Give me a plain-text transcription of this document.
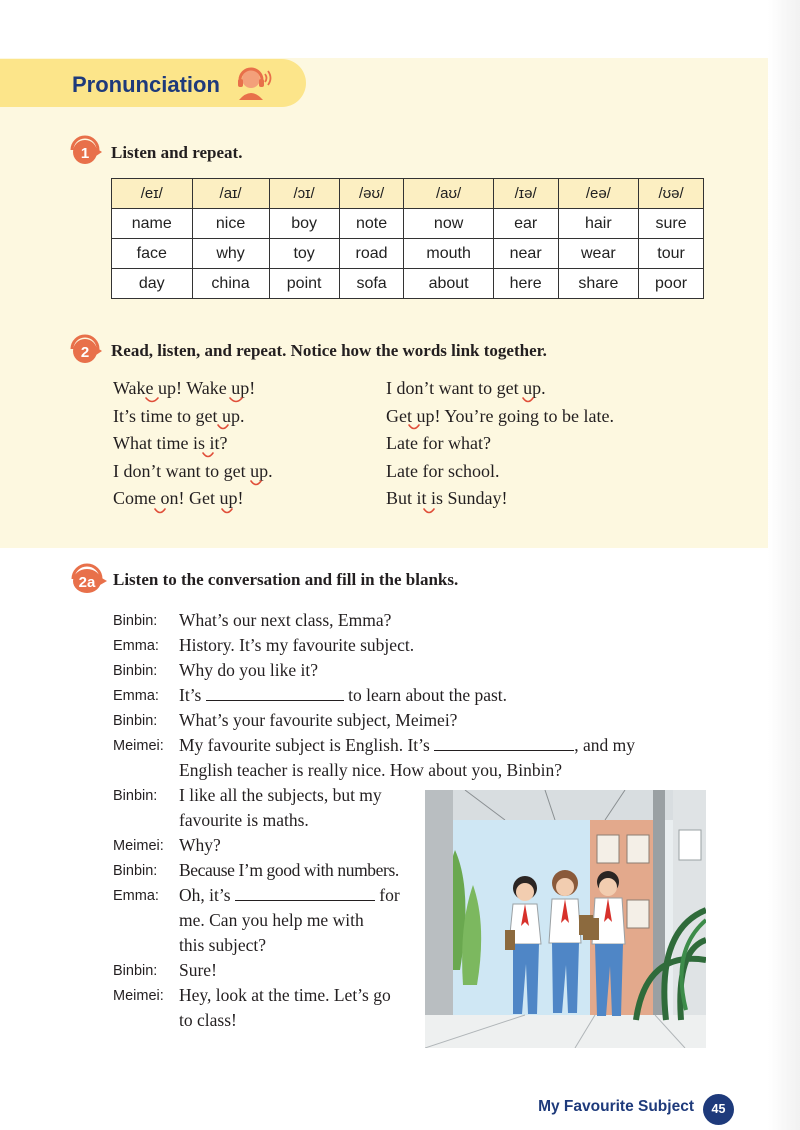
Pronunciation
1 Listen and repeat.
/eɪ/	/aɪ/	/ɔɪ/	/əʊ/	/aʊ/	/ɪə/	/eə/	/ʊə/
name	nice	boy	note	now	ear	hair	sure
face	why	toy	road	mouth	near	wear	tour
day	china	point	sofa	about	here	share	poor
2 Read, listen, and repeat. Notice how the words link together.
Wake up! Wake up!
It’s time to get up.
What time is it?
I don’t want to get up.
Come on! Get up!
I don’t want to get up.
Get up! You’re going to be late.
Late for what?
Late for school.
But it is Sunday!
2a Listen to the conversation and fill in the blanks.
Binbin: What’s our next class, Emma?
Emma: History. It’s my favourite subject.
Binbin: Why do you like it?
Emma: It’s	to learn about the past.
Binbin: What’s your favourite subject, Meimei?
Meimei: My favourite subject is English. It’s	, and my
English teacher is really nice. How about you, Binbin?
Binbin: I like all the subjects, but my
favourite is maths.
Meimei: Why?
Binbin: Because I’m good with numbers.
Emma: Oh, it’s	for
me. Can you help me with
this subject?
Binbin: Sure!
Meimei: Hey, look at the time. Let’s go
to class!
My Favourite Subject	45
